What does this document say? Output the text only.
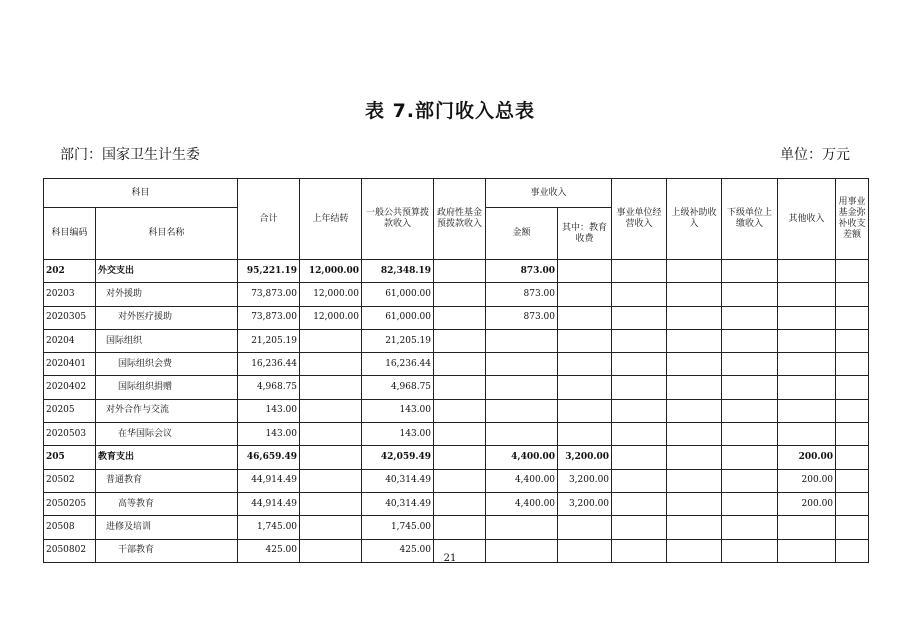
表 7.部门收入总表
部门：国家卫生计生委	单位：万元
科目		合计	上年结转	一般公共预算拨款收入	政府性基金预拨款收入	事业收入		事业单位经营收入	上级补助收入	下级单位上缴收入	其他收入	用事业基金弥补收支差额
科目编码	科目名称					金额	其中：教育收费					
202	外交支出	95,221.19	12,000.00	82,348.19		873.00						
20203	对外援助	73,873.00	12,000.00	61,000.00		873.00						
2020305	对外医疗援助	73,873.00	12,000.00	61,000.00		873.00						
20204	国际组织	21,205.19		21,205.19								
2020401	国际组织会费	16,236.44		16,236.44								
2020402	国际组织捐赠	4,968.75		4,968.75								
20205	对外合作与交流	143.00		143.00								
2020503	在华国际会议	143.00		143.00								
205	教育支出	46,659.49		42,059.49		4,400.00	3,200.00				200.00	
20502	普通教育	44,914.49		40,314.49		4,400.00	3,200.00				200.00	
2050205	高等教育	44,914.49		40,314.49		4,400.00	3,200.00				200.00	
20508	进修及培训	1,745.00		1,745.00								
2050802	干部教育	425.00		425.00								
21
